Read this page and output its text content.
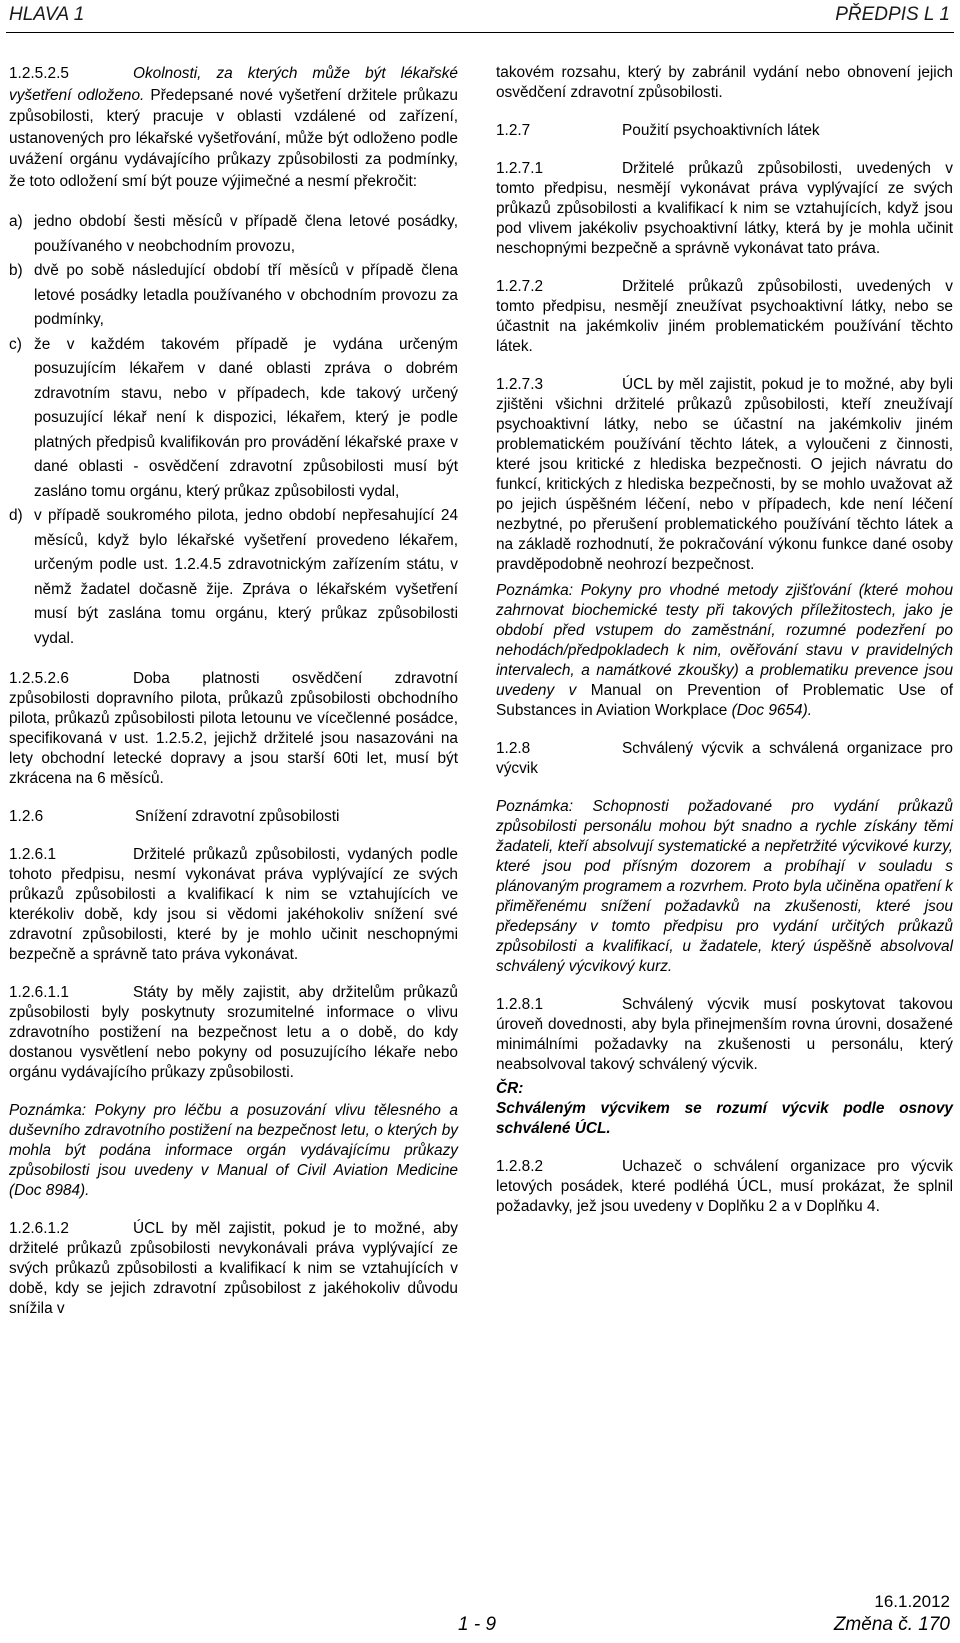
HLAVA 1	PŘEDPIS L 1

1.2.5.2.5	Okolnosti, za kterých může být lékařské vyšetření odloženo. Předepsané nové vyšetření držitele průkazu způsobilosti, který pracuje v oblasti vzdálené od zařízení, ustanovených pro lékařské vyšetřování, může být odloženo podle uvážení orgánu vydávajícího průkazy způsobilosti za podmínky, že toto odložení smí být pouze výjimečné a nesmí překročit:

a) jedno období šesti měsíců v případě člena letové posádky, používaného v neobchodním provozu,
b) dvě po sobě následující období tří měsíců v případě člena letové posádky letadla používaného v obchodním provozu za podmínky,
c) že v každém takovém případě je vydána určeným posuzujícím lékařem v dané oblasti zpráva o dobrém zdravotním stavu, nebo v případech, kde takový určený posuzující lékař není k dispozici, lékařem, který je podle platných předpisů kvalifikován pro provádění lékařské praxe v dané oblasti - osvědčení zdravotní způsobilosti musí být zasláno tomu orgánu, který průkaz způsobilosti vydal,
d) v případě soukromého pilota, jedno období nepřesahující 24 měsíců, když bylo lékařské vyšetření provedeno lékařem, určeným podle ust. 1.2.4.5 zdravotnickým zařízením státu, v němž žadatel dočasně žije. Zpráva o lékařském vyšetření musí být zaslána tomu orgánu, který průkaz způsobilosti vydal.

1.2.5.2.6	Doba platnosti osvědčení zdravotní způsobilosti dopravního pilota, průkazů způsobilosti obchodního pilota, průkazů způsobilosti pilota letounu ve vícečlenné posádce, specifikovaná v ust. 1.2.5.2, jejichž držitelé jsou nasazováni na lety obchodní letecké dopravy a jsou starší 60ti let, musí být zkrácena na 6 měsíců.

1.2.6	Snížení zdravotní způsobilosti

1.2.6.1	Držitelé průkazů způsobilosti, vydaných podle tohoto předpisu, nesmí vykonávat práva vyplývající ze svých průkazů způsobilosti a kvalifikací k nim se vztahujících ve kterékoliv době, kdy jsou si vědomi jakéhokoliv snížení své zdravotní způsobilosti, které by je mohlo učinit neschopnými bezpečně a správně tato práva vykonávat.

1.2.6.1.1	Státy by měly zajistit, aby držitelům průkazů způsobilosti byly poskytnuty srozumitelné informace o vlivu zdravotního postižení na bezpečnost letu a o době, do kdy dostanou vysvětlení nebo pokyny od posuzujícího lékaře nebo orgánu vydávajícího průkazy způsobilosti.

Poznámka: Pokyny pro léčbu a posuzování vlivu tělesného a duševního zdravotního postižení na bezpečnost letu, o kterých by mohla být podána informace orgán vydávajícímu průkazy způsobilosti jsou uvedeny v Manual of Civil Aviation Medicine (Doc 8984).

1.2.6.1.2	ÚCL by měl zajistit, pokud je to možné, aby držitelé průkazů způsobilosti nevykonávali práva vyplývající ze svých průkazů způsobilosti a kvalifikací k nim se vztahujících v době, kdy se jejich zdravotní způsobilost z jakéhokoliv důvodu snížila v

takovém rozsahu, který by zabránil vydání nebo obnovení jejich osvědčení zdravotní způsobilosti.

1.2.7	Použití psychoaktivních látek

1.2.7.1	Držitelé průkazů způsobilosti, uvedených v tomto předpisu, nesmějí vykonávat práva vyplývající ze svých průkazů způsobilosti a kvalifikací k nim se vztahujících, když jsou pod vlivem jakékoliv psychoaktivní látky, která by je mohla učinit neschopnými bezpečně a správně vykonávat tato práva.

1.2.7.2	Držitelé průkazů způsobilosti, uvedených v tomto předpisu, nesmějí zneužívat psychoaktivní látky, nebo se účastnit na jakémkoliv jiném problematickém používání těchto látek.

1.2.7.3	ÚCL by měl zajistit, pokud je to možné, aby byli zjištěni všichni držitelé průkazů způsobilosti, kteří zneužívají psychoaktivní látky, nebo se účastní na jakémkoliv jiném problematickém používání těchto látek, a vyloučeni z činnosti, které jsou kritické z hlediska bezpečnosti. O jejich návratu do funkcí, kritických z hlediska bezpečnosti, by se mohlo uvažovat až po jejich úspěšném léčení, nebo v případech, kde není léčení nezbytné, po přerušení problematického používání těchto látek a na základě rozhodnutí, že pokračování výkonu funkce dané osoby pravděpodobně neohrozí bezpečnost.

Poznámka: Pokyny pro vhodné metody zjišťování (které mohou zahrnovat biochemické testy při takových příležitostech, jako je období před vstupem do zaměstnání, rozumné podezření po nehodách/předpokladech k nim, ověřování stavu v pravidelných intervalech, a namátkové zkoušky) a problematiku prevence jsou uvedeny v Manual on Prevention of Problematic Use of Substances in Aviation Workplace (Doc 9654).

1.2.8	Schválený výcvik a schválená organizace pro výcvik

Poznámka: Schopnosti požadované pro vydání průkazů způsobilosti personálu mohou být snadno a rychle získány těmi žadateli, kteří absolvují systematické a nepřetržité výcvikové kurzy, které jsou pod přísným dozorem a probíhají v souladu s plánovaným programem a rozvrhem. Proto byla učiněna opatření k přiměřenému snížení požadavků na zkušenosti, které jsou předepsány v tomto předpisu pro vydání určitých průkazů způsobilosti a kvalifikací, u žadatele, který úspěšně absolvoval schválený výcvikový kurz.

1.2.8.1	Schválený výcvik musí poskytovat takovou úroveň dovednosti, aby byla přinejmenším rovna úrovni, dosažené minimálními požadavky na zkušenosti u personálu, který neabsolvoval takový schválený výcvik.

ČR:

Schváleným výcvikem se rozumí výcvik podle osnovy schválené ÚCL.

1.2.8.2	Uchazeč o schválení organizace pro výcvik letových posádek, které podléhá ÚCL, musí prokázat, že splnil požadavky, jež jsou uvedeny v Doplňku 2 a v Doplňku 4.

16.1.2012
1 - 9	Změna č. 170
